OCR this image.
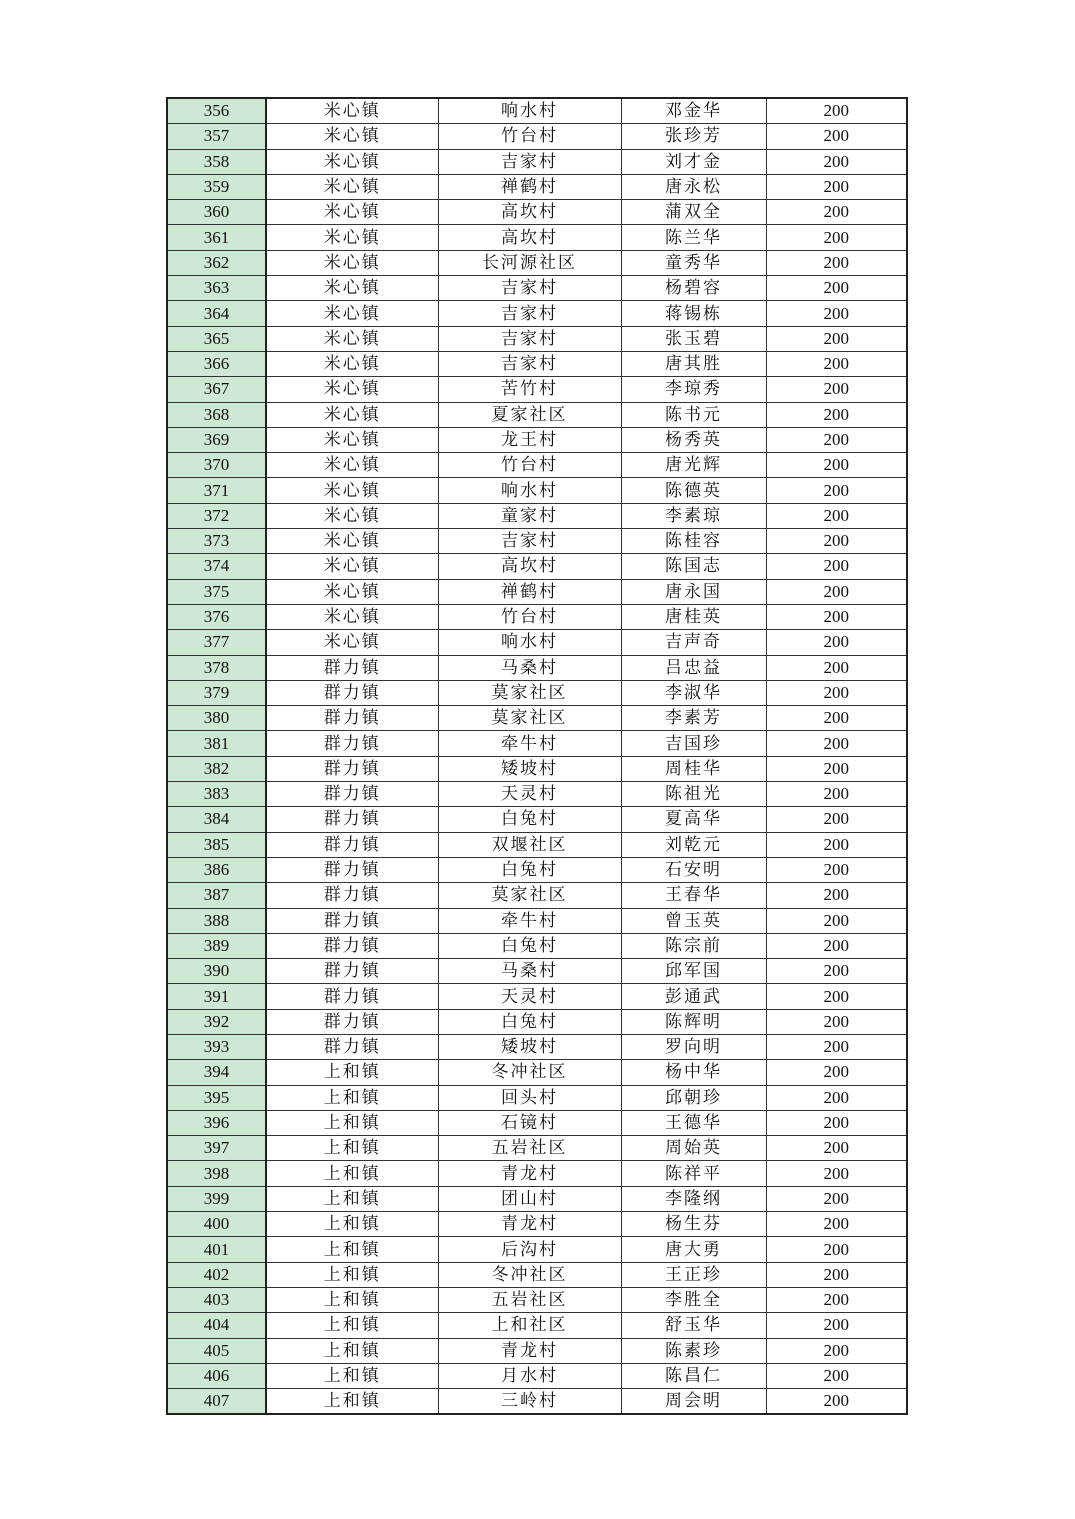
356	米心镇	响水村	邓金华	200
357	米心镇	竹台村	张珍芳	200
358	米心镇	吉家村	刘才金	200
359	米心镇	禅鹤村	唐永松	200
360	米心镇	高坎村	蒲双全	200
361	米心镇	高坎村	陈兰华	200
362	米心镇	长河源社区	童秀华	200
363	米心镇	吉家村	杨碧容	200
364	米心镇	吉家村	蒋锡栋	200
365	米心镇	吉家村	张玉碧	200
366	米心镇	吉家村	唐其胜	200
367	米心镇	苦竹村	李琼秀	200
368	米心镇	夏家社区	陈书元	200
369	米心镇	龙王村	杨秀英	200
370	米心镇	竹台村	唐光辉	200
371	米心镇	响水村	陈德英	200
372	米心镇	童家村	李素琼	200
373	米心镇	吉家村	陈桂容	200
374	米心镇	高坎村	陈国志	200
375	米心镇	禅鹤村	唐永国	200
376	米心镇	竹台村	唐桂英	200
377	米心镇	响水村	吉声奇	200
378	群力镇	马桑村	吕忠益	200
379	群力镇	莫家社区	李淑华	200
380	群力镇	莫家社区	李素芳	200
381	群力镇	牵牛村	吉国珍	200
382	群力镇	矮坡村	周桂华	200
383	群力镇	天灵村	陈祖光	200
384	群力镇	白兔村	夏高华	200
385	群力镇	双堰社区	刘乾元	200
386	群力镇	白兔村	石安明	200
387	群力镇	莫家社区	王春华	200
388	群力镇	牵牛村	曾玉英	200
389	群力镇	白兔村	陈宗前	200
390	群力镇	马桑村	邱军国	200
391	群力镇	天灵村	彭通武	200
392	群力镇	白兔村	陈辉明	200
393	群力镇	矮坡村	罗向明	200
394	上和镇	冬冲社区	杨中华	200
395	上和镇	回头村	邱朝珍	200
396	上和镇	石镜村	王德华	200
397	上和镇	五岩社区	周始英	200
398	上和镇	青龙村	陈祥平	200
399	上和镇	团山村	李隆纲	200
400	上和镇	青龙村	杨生芬	200
401	上和镇	后沟村	唐大勇	200
402	上和镇	冬冲社区	王正珍	200
403	上和镇	五岩社区	李胜全	200
404	上和镇	上和社区	舒玉华	200
405	上和镇	青龙村	陈素珍	200
406	上和镇	月水村	陈昌仁	200
407	上和镇	三岭村	周会明	200
